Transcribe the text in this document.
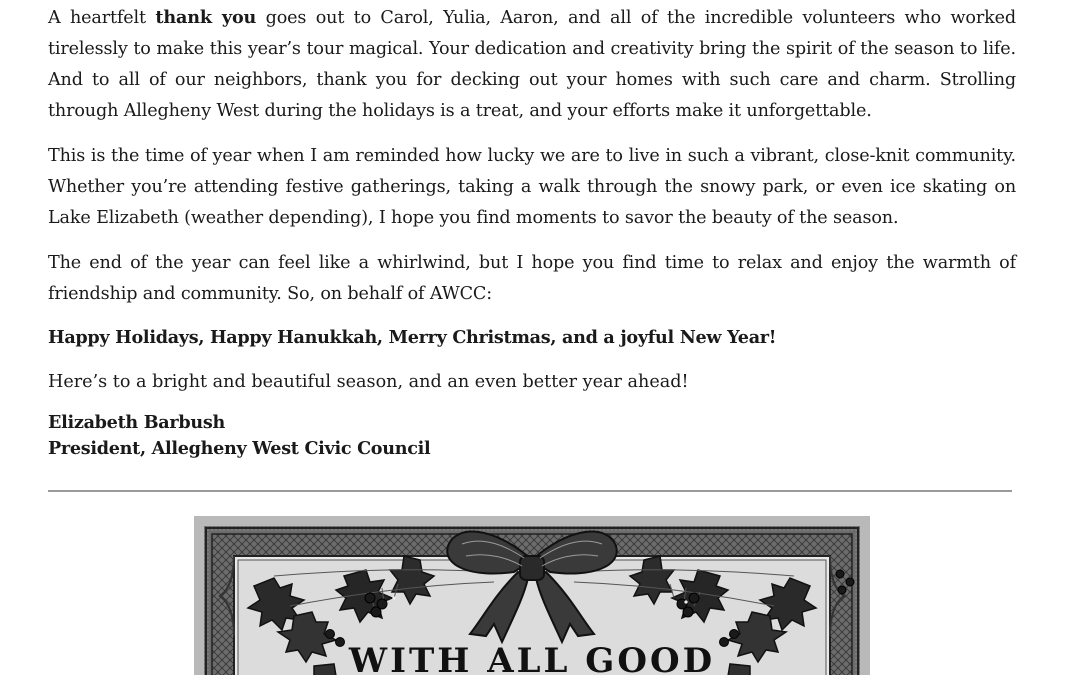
A heartfelt thank you goes out to Carol, Yulia, Aaron, and all of the incredible volunteers who worked tirelessly to make this year’s tour magical. Your dedication and creativity bring the spirit of the season to life. And to all of our neighbors, thank you for decking out your homes with such care and charm. Strolling through Allegheny West during the holidays is a treat, and your efforts make it unforgettable.

This is the time of year when I am reminded how lucky we are to live in such a vibrant, close-knit community. Whether you’re attending festive gatherings, taking a walk through the snowy park, or even ice skating on Lake Elizabeth (weather depending), I hope you find moments to savor the beauty of the season.

The end of the year can feel like a whirlwind, but I hope you find time to relax and enjoy the warmth of friendship and community. So, on behalf of AWCC:

Happy Holidays, Happy Hanukkah, Merry Christmas, and a joyful New Year!

Here’s to a bright and beautiful season, and an even better year ahead!

Elizabeth Barbush
President, Allegheny West Civic Council
WITH ALL GOOD
